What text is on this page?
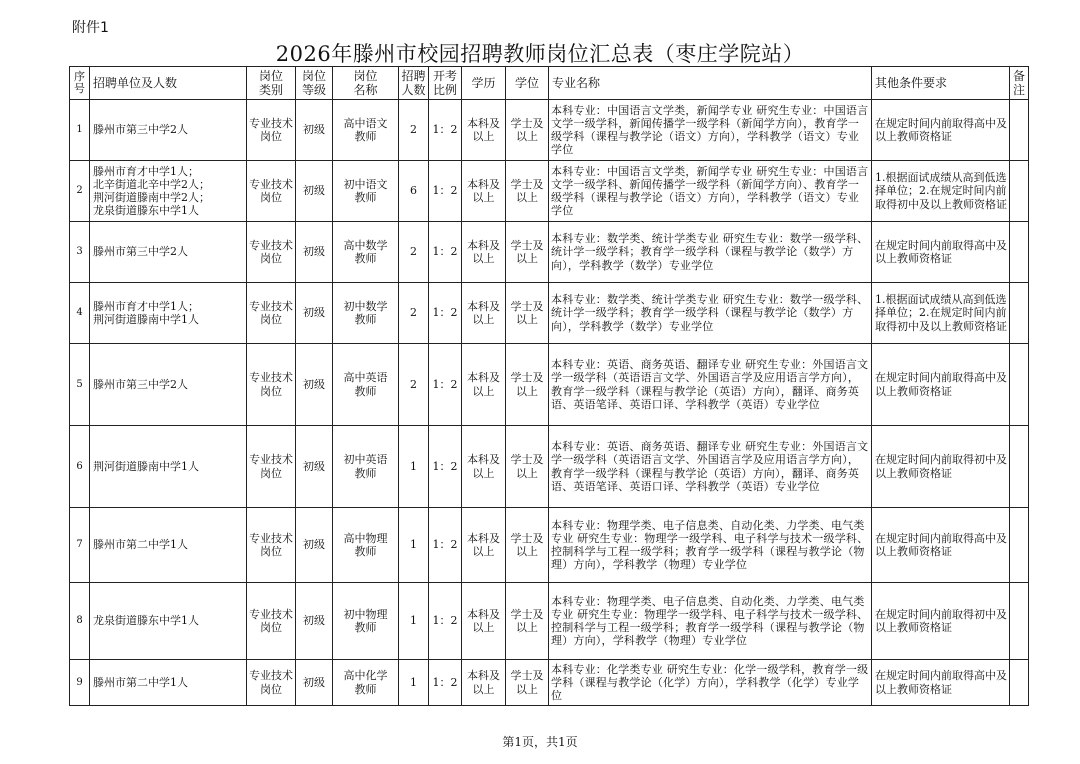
附件1
2026年滕州市校园招聘教师岗位汇总表（枣庄学院站）
序号	招聘单位及人数	岗位类别	岗位等级	岗位名称	招聘人数	开考比例	学历	学位	专业名称	其他条件要求	备注
1	滕州市第三中学2人	专业技术岗位	初级	高中语文教师	2	1：2	本科及以上	学士及以上	本科专业：中国语言文学类，新闻学专业 研究生专业：中国语言文学一级学科，新闻传播学一级学科（新闻学方向），教育学一级学科（课程与教学论（语文）方向），学科教学（语文）专业学位	在规定时间内前取得高中及以上教师资格证	
2	滕州市育才中学1人；
北辛街道北辛中学2人；
荆河街道滕南中学2人；
龙泉街道滕东中学1人	专业技术岗位	初级	初中语文教师	6	1：2	本科及以上	学士及以上	本科专业：中国语言文学类，新闻学专业 研究生专业：中国语言文学一级学科、新闻传播学一级学科（新闻学方向）、教育学一级学科（课程与教学论（语文）方向），学科教学（语文）专业学位	1.根据面试成绩从高到低选择单位；2.在规定时间内前取得初中及以上教师资格证	
3	滕州市第三中学2人	专业技术岗位	初级	高中数学教师	2	1：2	本科及以上	学士及以上	本科专业：数学类、统计学类专业 研究生专业：数学一级学科、统计学一级学科；教育学一级学科（课程与教学论（数学）方向），学科教学（数学）专业学位	在规定时间内前取得高中及以上教师资格证	
4	滕州市育才中学1人；
荆河街道滕南中学1人	专业技术岗位	初级	初中数学教师	2	1：2	本科及以上	学士及以上	本科专业：数学类、统计学类专业 研究生专业：数学一级学科、统计学一级学科；教育学一级学科（课程与教学论（数学）方向），学科教学（数学）专业学位	1.根据面试成绩从高到低选择单位；2.在规定时间内前取得初中及以上教师资格证	
5	滕州市第三中学2人	专业技术岗位	初级	高中英语教师	2	1：2	本科及以上	学士及以上	本科专业：英语、商务英语、翻译专业 研究生专业：外国语言文学一级学科（英语语言文学、外国语言学及应用语言学方向），教育学一级学科（课程与教学论（英语）方向），翻译、商务英语、英语笔译、英语口译、学科教学（英语）专业学位	在规定时间内前取得高中及以上教师资格证	
6	荆河街道滕南中学1人	专业技术岗位	初级	初中英语教师	1	1：2	本科及以上	学士及以上	本科专业：英语、商务英语、翻译专业 研究生专业：外国语言文学一级学科（英语语言文学、外国语言学及应用语言学方向），教育学一级学科（课程与教学论（英语）方向），翻译、商务英语、英语笔译、英语口译、学科教学（英语）专业学位	在规定时间内前取得初中及以上教师资格证	
7	滕州市第二中学1人	专业技术岗位	初级	高中物理教师	1	1：2	本科及以上	学士及以上	本科专业：物理学类、电子信息类、自动化类、力学类、电气类专业 研究生专业：物理学一级学科、电子科学与技术一级学科、控制科学与工程一级学科；教育学一级学科（课程与教学论（物理）方向），学科教学（物理）专业学位	在规定时间内前取得高中及以上教师资格证	
8	龙泉街道滕东中学1人	专业技术岗位	初级	初中物理教师	1	1：2	本科及以上	学士及以上	本科专业：物理学类、电子信息类、自动化类、力学类、电气类专业 研究生专业：物理学一级学科、电子科学与技术一级学科、控制科学与工程一级学科；教育学一级学科（课程与教学论（物理）方向），学科教学（物理）专业学位	在规定时间内前取得初中及以上教师资格证	
9	滕州市第二中学1人	专业技术岗位	初级	高中化学教师	1	1：2	本科及以上	学士及以上	本科专业：化学类专业 研究生专业：化学一级学科，教育学一级学科（课程与教学论（化学）方向），学科教学（化学）专业学位	在规定时间内前取得高中及以上教师资格证	
第1页，共1页
